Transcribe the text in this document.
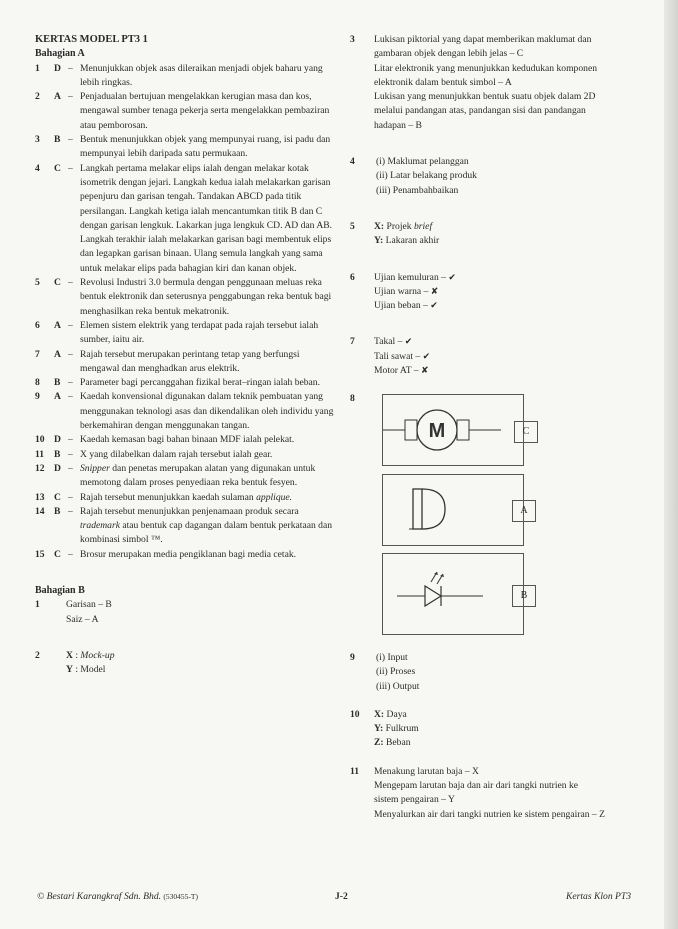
KERTAS MODEL PT3 1
Bahagian A
1	D – Menunjukkan objek asas dileraikan menjadi objek baharu yang lebih ringkas.
2	A – Penjadualan bertujuan mengelakkan kerugian masa dan kos, mengawal sumber tenaga pekerja serta mengelakkan pembaziran atau pemborosan.
3	B – Bentuk menunjukkan objek yang mempunyai ruang, isi padu dan mempunyai lebih daripada satu permukaan.
4	C – Langkah pertama melakar elips ialah dengan melakar kotak isometrik dengan jejari. Langkah kedua ialah melakarkan garisan pepenjuru dan garisan tengah. Tandakan ABCD pada titik persilangan. Langkah ketiga ialah mencantumkan titik B dan C dengan garisan lengkuk. Lakarkan juga lengkuk CD. AD dan AB. Langkah terakhir ialah melakarkan garisan bagi membentuk elips dan legapkan garisan binaan. Ulang semula langkah yang sama untuk melakar elips pada bahagian kiri dan kanan objek.
5	C – Revolusi Industri 3.0 bermula dengan penggunaan meluas reka bentuk elektronik dan seterusnya penggabungan reka bentuk bagi menghasilkan reka bentuk mekatronik.
6	A – Elemen sistem elektrik yang terdapat pada rajah tersebut ialah sumber, iaitu air.
7	A – Rajah tersebut merupakan perintang tetap yang berfungsi mengawal dan menghadkan arus elektrik.
8	B – Parameter bagi percanggahan fizikal berat–ringan ialah beban.
9	A – Kaedah konvensional digunakan dalam teknik pembuatan yang menggunakan teknologi asas dan dikendalikan oleh individu yang berkemahiran dengan menggunakan tangan.
10 D – Kaedah kemasan bagi bahan binaan MDF ialah pelekat.
11	B – X yang dilabelkan dalam rajah tersebut ialah gear.
12 D – Snipper dan penetas merupakan alatan yang digunakan untuk memotong dalam proses penyediaan reka bentuk fesyen.
13 C – Rajah tersebut menunjukkan kaedah sulaman applique.
14 B – Rajah tersebut menunjukkan penjenamaan produk secara trademark atau bentuk cap dagangan dalam bentuk perkataan dan kombinasi simbol ™.
15 C – Brosur merupakan media pengiklanan bagi media cetak.
Bahagian B
1	Garisan – B
Saiz – A
2	X : Mock-up
Y : Model
3	Lukisan piktorial yang dapat memberikan maklumat dan
gambaran objek dengan lebih jelas – C
Litar elektronik yang menunjukkan kedudukan komponen
elektronik dalam bentuk simbol – A
Lukisan yang menunjukkan bentuk suatu objek dalam 2D
melalui pandangan atas, pandangan sisi dan pandangan
hadapan – B
4	(i) Maklumat pelanggan
(ii) Latar belakang produk
(iii) Penambahbaikan
5	X: Projek brief
Y: Lakaran akhir
6	Ujian kemuluran – ✔
Ujian warna – ✘
Ujian beban – ✔
7	Takal – ✔
Tali sawat – ✔
Motor AT – ✘
8
M	C
A
B
9	(i) Input
(ii) Proses
(iii) Output
10	X: Daya
Y: Fulkrum
Z: Beban
11	Menakung larutan baja – X
Mengepam larutan baja dan air dari tangki nutrien ke
sistem pengairan – Y
Menyalurkan air dari tangki nutrien ke sistem pengairan – Z
© Bestari Karangkraf Sdn. Bhd. (530455-T)	J-2	Kertas Klon PT3
